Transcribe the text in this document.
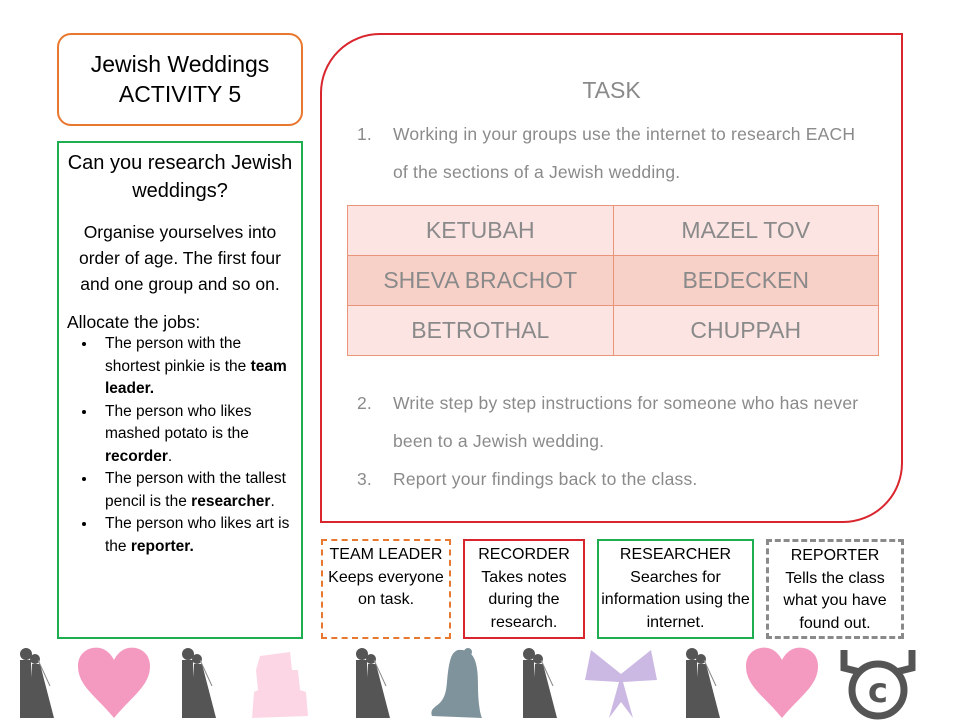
Jewish Weddings
ACTIVITY 5
Can you research Jewish weddings?
Organise yourselves into order of age. The first four and one group and so on.
Allocate the jobs:
• The person with the shortest pinkie is the team leader.
• The person who likes mashed potato is the recorder.
• The person with the tallest pencil is the researcher.
• The person who likes art is the reporter.
TASK
1. Working in your groups use the internet to research EACH of the sections of a Jewish wedding.
KETUBAH	MAZEL TOV
SHEVA BRACHOT	BEDECKEN
BETROTHAL	CHUPPAH
2. Write step by step instructions for someone who has never been to a Jewish wedding.
3. Report your findings back to the class.
TEAM LEADER
Keeps everyone on task.
RECORDER
Takes notes during the research.
RESEARCHER
Searches for information using the internet.
REPORTER
Tells the class what you have found out.
c
